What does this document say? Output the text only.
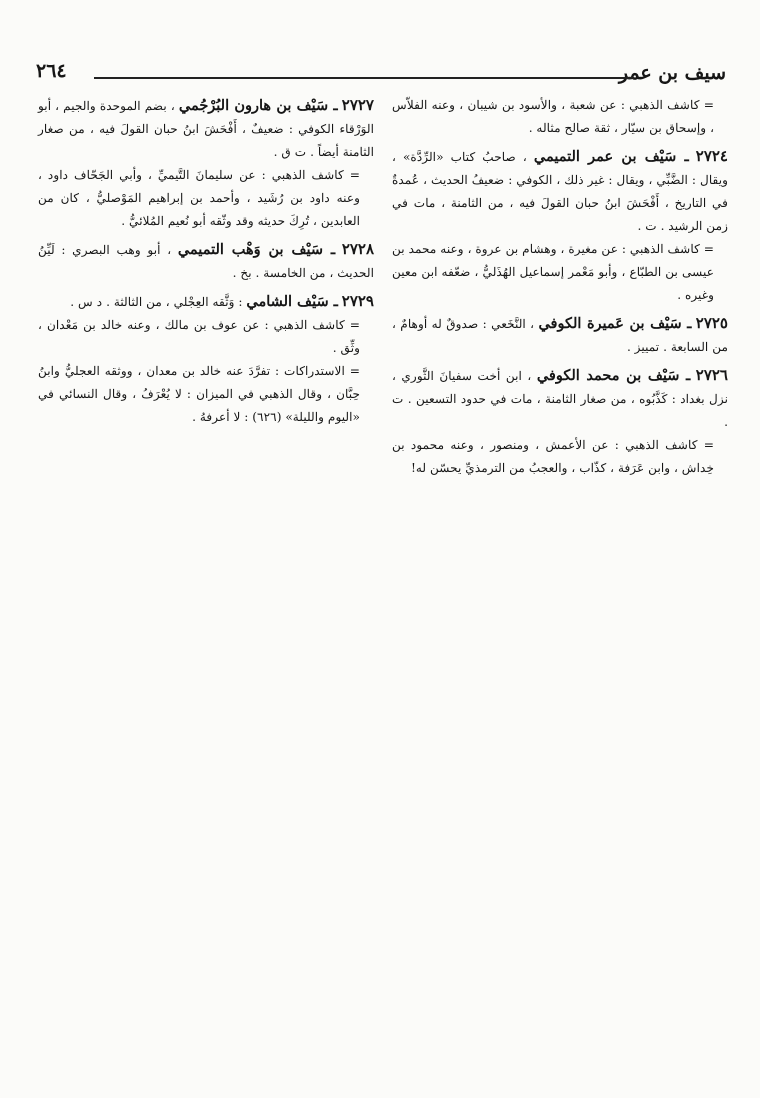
سيف بن عمر
٢٦٤

= كاشف الذهبي : عن شعبة ، والأسود بن شيبان ، وعنه الفلاّس ، وإسحاق بن سيّار ، ثقة صالح مثاله .

٢٧٢٤ ـ سَيْف بن عمر التميمي ، صاحبُ كتاب «الرِّدَّة» ، ويقال : الضَّبِّي ، ويقال : غير ذلك ، الكوفي : ضعيفُ الحديث ، عُمدةٌ في التاريخ ، أَفْحَشَ ابنُ حبان القولَ فيه ، من الثامنة ، مات في زمن الرشيد . ت .

= كاشف الذهبي : عن مغيرة ، وهشام بن عروة ، وعنه محمد بن عيسى بن الطبّاع ، وأبو مَعْمر إسماعيل الهُذَليُّ ، ضعّفه ابن معين وغيره .

٢٧٢٥ ـ سَيْف بن عَميرة الكوفي ، النَّخَعي : صدوقٌ له أوهامٌ ، من السابعة . تمييز .

٢٧٢٦ ـ سَيْف بن محمد الكوفي ، ابن أخت سفيانَ الثَّوري ، نزل بغداد : كَذَّبُوه ، من صغار الثامنة ، مات في حدود التسعين . ت .

= كاشف الذهبي : عن الأعمش ، ومنصور ، وعنه محمود بن خِداش ، وابن عَرَفة ، كذّاب ، والعجبُ من الترمذيِّ يحسّن له!

٢٧٢٧ ـ سَيْف بن هارون البُرْجُمي ، بضم الموحدة والجيم ، أبو الوَرْقاء الكوفي : ضعيفٌ ، أَفْحَشَ ابنُ حبان القولَ فيه ، من صغار الثامنة أيضاً . ت ق .

= كاشف الذهبي : عن سليمانَ التَّيميِّ ، وأبي الجَحّاف داود ، وعنه داود بن رُشَيد ، وأحمد بن إبراهيم المَوْصليُّ ، كان من العابدين ، تُرِكَ حديثه وقد وثّقه أبو نُعيم المُلائيُّ .

٢٧٢٨ ـ سَيْف بن وَهْب التميمي ، أبو وهب البصري : لَيِّنُ الحديث ، من الخامسة . بخ .

٢٧٢٩ ـ سَيْف الشامي : وَثَّقه العِجْلي ، من الثالثة . د س .

= كاشف الذهبي : عن عوف بن مالك ، وعنه خالد بن مَعْدان ، وثِّق .

= الاستدراكات : تفرَّدَ عنه خالد بن معدان ، ووثقه العجليُّ وابنُ حِبَّان ، وقال الذهبي في الميزان : لا يُعْرَفُ ، وقال النسائي في «اليوم والليلة» (٦٢٦) : لا أعرفهُ .
